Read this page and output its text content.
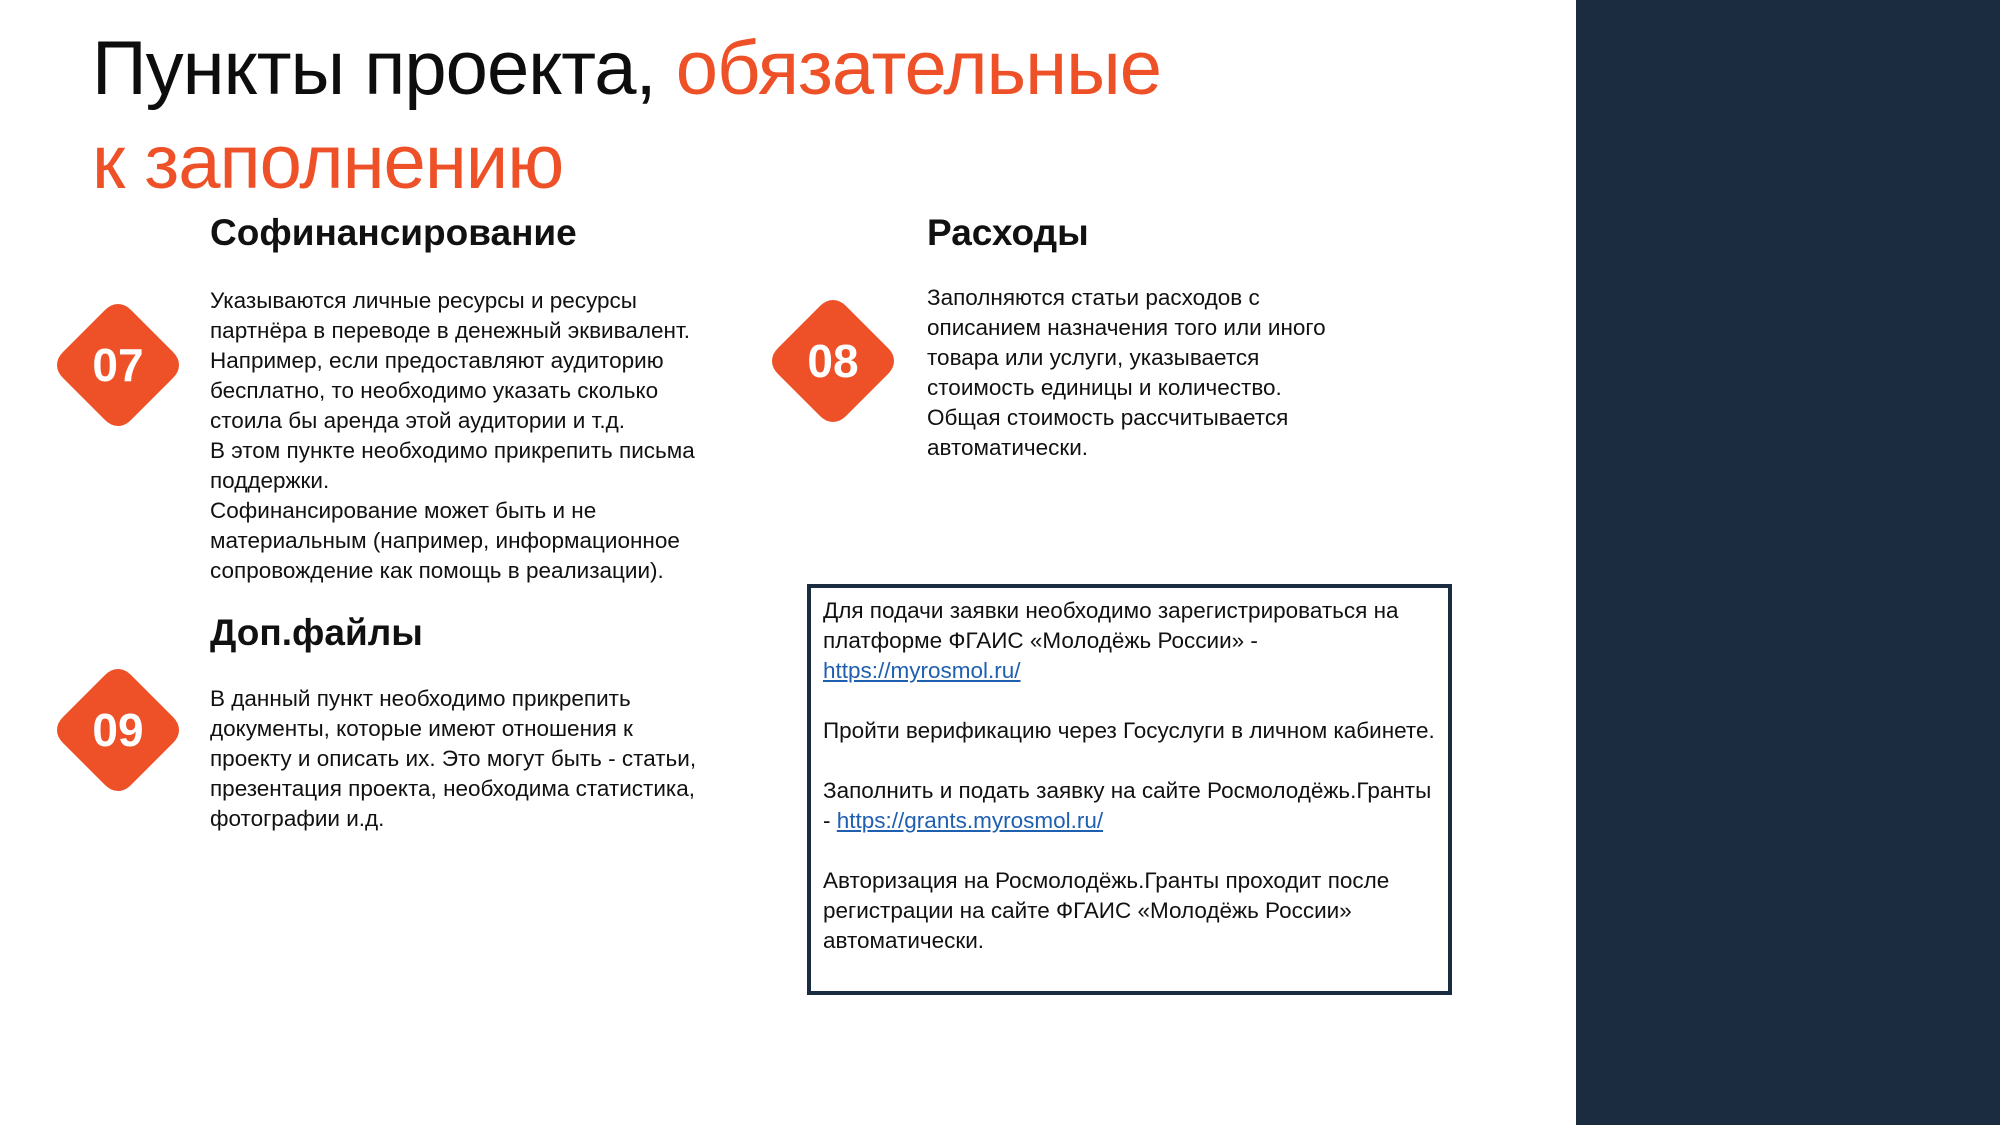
Пункты проекта, обязательные
к заполнению
07
Софинансирование
Указываются личные ресурсы и ресурсы
партнёра в переводе в денежный эквивалент.
Например, если предоставляют аудиторию
бесплатно, то необходимо указать сколько
стоила бы аренда этой аудитории и т.д.
В этом пункте необходимо прикрепить письма
поддержки.
Софинансирование может быть и не
материальным (например, информационное
сопровождение как помощь в реализации).
08
Расходы
Заполняются статьи расходов с
описанием назначения того или иного
товара или услуги, указывается
стоимость единицы и количество.
Общая стоимость рассчитывается
автоматически.
09
Доп.файлы
В данный пункт необходимо прикрепить
документы, которые имеют отношения к
проекту и описать их. Это могут быть - статьи,
презентация проекта, необходима статистика,
фотографии и.д.

Для подачи заявки необходимо зарегистрироваться на платформе ФГАИС «Молодёжь России» -
https://myrosmol.ru/

Пройти верификацию через Госуслуги в личном кабинете.

Заполнить и подать заявку на сайте Росмолодёжь.Гранты - https://grants.myrosmol.ru/

Авторизация на Росмолодёжь.Гранты проходит после регистрации на сайте ФГАИС «Молодёжь России» автоматически.
